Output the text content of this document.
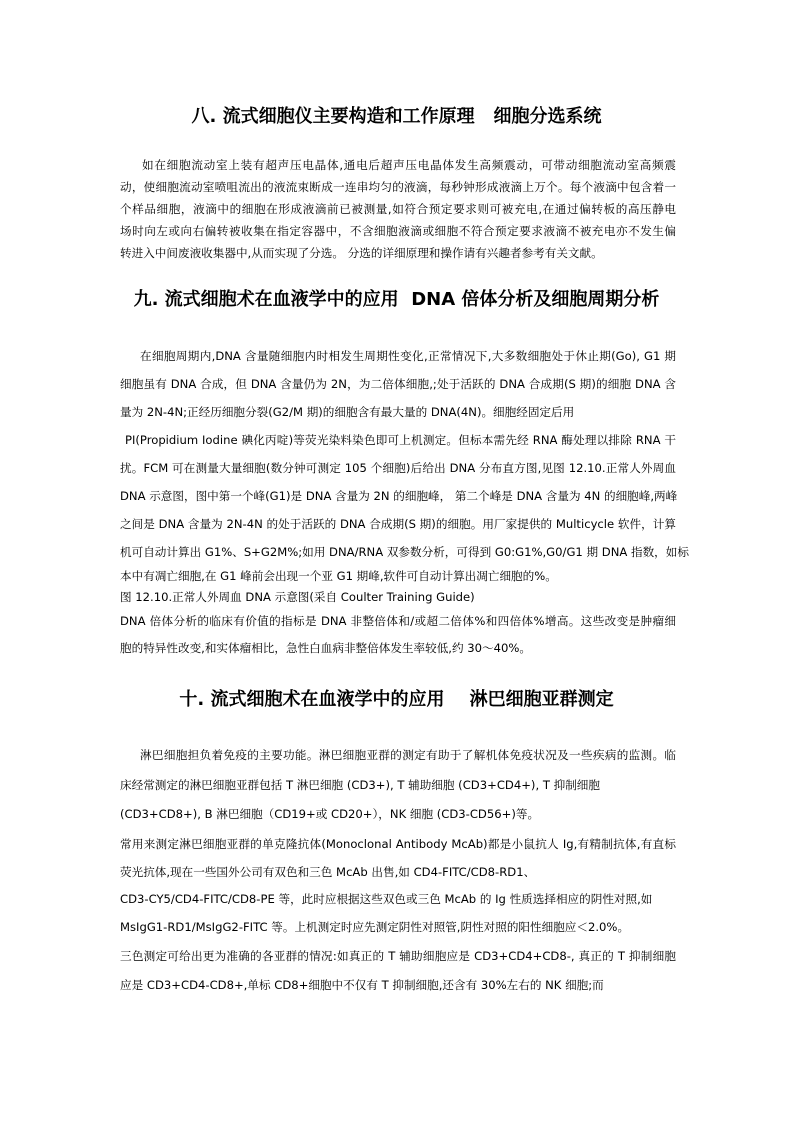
八. 流式细胞仪主要构造和工作原理   细胞分选系统
如在细胞流动室上装有超声压电晶体,通电后超声压电晶体发生高频震动，可带动细胞流动室高频震
动，使细胞流动室喷咀流出的液流束断成一连串均匀的液滴，每秒钟形成液滴上万个。每个液滴中包含着一
个样品细胞，液滴中的细胞在形成液滴前已被测量,如符合预定要求则可被充电,在通过偏转板的高压静电
场时向左或向右偏转被收集在指定容器中，不含细胞液滴或细胞不符合预定要求液滴不被充电亦不发生偏
转进入中间废液收集器中,从而实现了分选。 分选的详细原理和操作请有兴趣者参考有关文献。
九. 流式细胞术在血液学中的应用  DNA 倍体分析及细胞周期分析
在细胞周期内,DNA 含量随细胞内时相发生周期性变化,正常情况下,大多数细胞处于休止期(Go), G1 期
细胞虽有 DNA 合成，但 DNA 含量仍为 2N，为二倍体细胞,;处于活跃的 DNA 合成期(S 期)的细胞 DNA 含
量为 2N-4N;正经历细胞分裂(G2/M 期)的细胞含有最大量的 DNA(4N)。细胞经固定后用
PI(Propidium Iodine 碘化丙啶)等荧光染料染色即可上机测定。但标本需先经 RNA 酶处理以排除 RNA 干
扰。FCM 可在测量大量细胞(数分钟可测定 105 个细胞)后给出 DNA 分布直方图,见图 12.10.正常人外周血
DNA 示意图，图中第一个峰(G1)是 DNA 含量为 2N 的细胞峰， 第二个峰是 DNA 含量为 4N 的细胞峰,两峰
之间是 DNA 含量为 2N-4N 的处于活跃的 DNA 合成期(S 期)的细胞。用厂家提供的 Multicycle 软件，计算
机可自动计算出 G1%、S+G2M%;如用 DNA/RNA 双参数分析，可得到 G0:G1%,G0/G1 期 DNA 指数，如标
本中有凋亡细胞,在 G1 峰前会出现一个亚 G1 期峰,软件可自动计算出凋亡细胞的%。
图 12.10.正常人外周血 DNA 示意图(采自 Coulter Training Guide)
DNA 倍体分析的临床有价值的指标是 DNA 非整倍体和/或超二倍体%和四倍体%增高。这些改变是肿瘤细
胞的特异性改变,和实体瘤相比，急性白血病非整倍体发生率较低,约 30～40%。
十. 流式细胞术在血液学中的应用    淋巴细胞亚群测定
淋巴细胞担负着免疫的主要功能。淋巴细胞亚群的测定有助于了解机体免疫状况及一些疾病的监测。临
床经常测定的淋巴细胞亚群包括 T 淋巴细胞 (CD3+), T 辅助细胞 (CD3+CD4+), T 抑制细胞
(CD3+CD8+), B 淋巴细胞（CD19+或 CD20+），NK 细胞 (CD3-CD56+)等。
常用来测定淋巴细胞亚群的单克隆抗体(Monoclonal Antibody McAb)都是小鼠抗人 Ig,有精制抗体,有直标
荧光抗体,现在一些国外公司有双色和三色 McAb 出售,如 CD4-FITC/CD8-RD1、
CD3-CY5/CD4-FITC/CD8-PE 等，此时应根据这些双色或三色 McAb 的 Ig 性质选择相应的阴性对照,如
MsIgG1-RD1/MsIgG2-FITC 等。上机测定时应先测定阴性对照管,阴性对照的阳性细胞应＜2.0%。
三色测定可给出更为准确的各亚群的情况:如真正的 T 辅助细胞应是 CD3+CD4+CD8-, 真正的 T 抑制细胞
应是 CD3+CD4-CD8+,单标 CD8+细胞中不仅有 T 抑制细胞,还含有 30%左右的 NK 细胞;而
